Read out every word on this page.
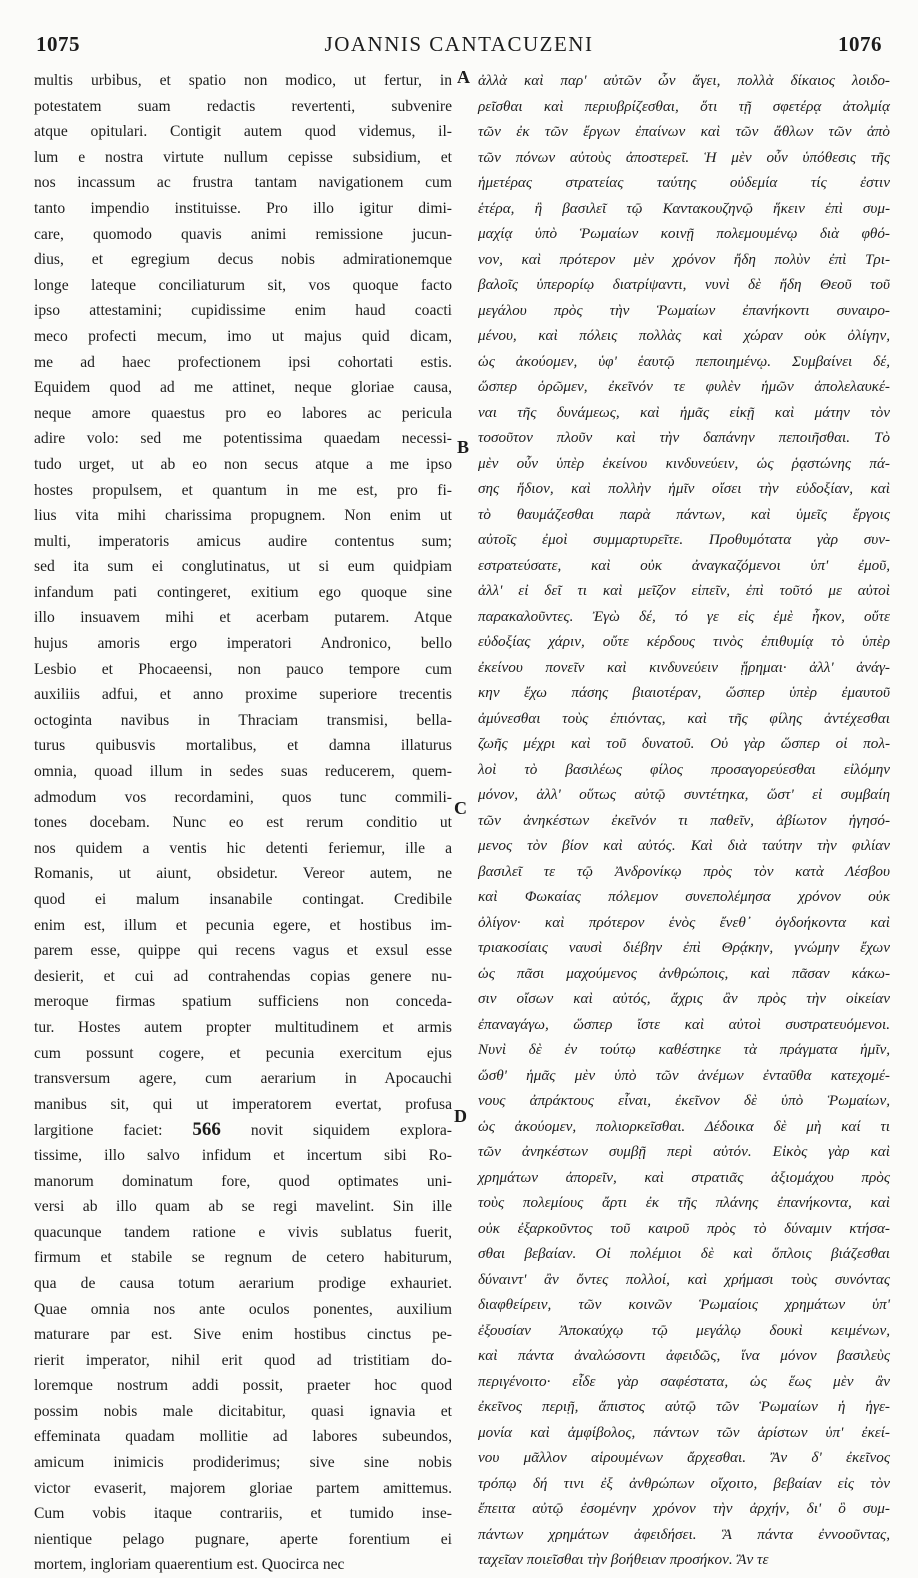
1075	JOANNIS CANTACUZENI	1076
multis urbibus, et spatio non modico, ut fertur, in
potestatem suam redactis revertenti, subvenire
atque opitulari. Contigit autem quod videmus, il-
lum e nostra virtute nullum cepisse subsidium, et
nos incassum ac frustra tantam navigationem cum
tanto impendio instituisse. Pro illo igitur dimi-
care, quomodo quavis animi remissione jucun-
dius, et egregium decus nobis admirationemque
longe lateque conciliaturum sit, vos quoque facto
ipso attestamini; cupidissime enim haud coacti
meco profecti mecum, imo ut majus quid dicam,
me ad haec profectionem ipsi cohortati estis.
Equidem quod ad me attinet, neque gloriae causa,
neque amore quaestus pro eo labores ac pericula
adire volo: sed me potentissima quaedam necessi-
tudo urget, ut ab eo non secus atque a me ipso
hostes propulsem, et quantum in me est, pro fi-
lius vita mihi charissima propugnem. Non enim ut
multi, imperatoris amicus audire contentus sum;
sed ita sum ei conglutinatus, ut si eum quidpiam
infandum pati contingeret, exitium ego quoque sine
illo insuavem mihi et acerbam putarem. Atque
hujus amoris ergo imperatori Andronico, bello
Lesbio et Phocaeensi, non pauco tempore cum
auxiliis adfui, et anno proxime superiore trecentis
octoginta navibus in Thraciam transmisi, bella-
turus quibusvis mortalibus, et damna illaturus
omnia, quoad illum in sedes suas reducerem, quem-
admodum vos recordamini, quos tunc commili-
tones docebam. Nunc eo est rerum conditio ut
nos quidem a ventis hic detenti feriemur, ille a
Romanis, ut aiunt, obsidetur. Vereor autem, ne
quod ei malum insanabile contingat. Credibile
enim est, illum et pecunia egere, et hostibus im-
parem esse, quippe qui recens vagus et exsul esse
desierit, et cui ad contrahendas copias genere nu-
meroque firmas spatium sufficiens non conceda-
tur. Hostes autem propter multitudinem et armis
cum possunt cogere, et pecunia exercitum ejus
transversum agere, cum aerarium in Apocauchi
manibus sit, qui ut imperatorem evertat, profusa
largitione faciet: 566 novit siquidem explora-
tissime, illo salvo infidum et incertum sibi Ro-
manorum dominatum fore, quod optimates uni-
versi ab illo quam ab se regi mavelint. Sin ille
quacunque tandem ratione e vivis sublatus fuerit,
firmum et stabile se regnum de cetero habiturum,
qua de causa totum aerarium prodige exhauriet.
Quae omnia nos ante oculos ponentes, auxilium
maturare par est. Sive enim hostibus cinctus pe-
rierit imperator, nihil erit quod ad tristitiam do-
loremque nostrum addi possit, praeter hoc quod
possim nobis male dicitabitur, quasi ignavia et
effeminata quadam mollitie ad labores subeundos,
amicum inimicis prodiderimus; sive sine nobis
victor evaserit, majorem gloriae partem amittemus.
Cum vobis itaque contrariis, et tumido inse-
nientique pelago pugnare, aperte forentium ei
mortem, ingloriam quaerentium est. Quocirca nec
A
B
C
D
ἀλλὰ καὶ παρ' αὐτῶν ὧν ἄγει, πολλὰ δίκαιος λοιδο-
ρεῖσθαι καὶ περιυβρίζεσθαι, ὅτι τῇ σφετέρᾳ ἀτολμίᾳ
τῶν ἐκ τῶν ἔργων ἐπαίνων καὶ τῶν ἄθλων τῶν ἀπὸ
τῶν πόνων αὐτοὺς ἀποστερεῖ. Ἡ μὲν οὖν ὑπόθεσις τῆς
ἡμετέρας στρατείας ταύτης οὐδεμία τίς ἐστιν
ἑτέρα, ἢ βασιλεῖ τῷ Καντακουζηνῷ ἥκειν ἐπὶ συμ-
μαχίᾳ ὑπὸ Ῥωμαίων κοινῇ πολεμουμένῳ διὰ φθό-
νον, καὶ πρότερον μὲν χρόνον ἤδη πολὺν ἐπὶ Τρι-
βαλοῖς ὑπερορίῳ διατρίψαντι, νυνὶ δὲ ἤδη Θεοῦ τοῦ
μεγάλου πρὸς τὴν Ῥωμαίων ἐπανήκοντι συναιρο-
μένου, καὶ πόλεις πολλὰς καὶ χώραν οὐκ ὀλίγην,
ὡς ἀκούομεν, ὑφ' ἑαυτῷ πεποιημένῳ. Συμβαίνει δέ,
ὥσπερ ὁρῶμεν, ἐκεῖνόν τε φυλὲν ἡμῶν ἀπολελαυκέ-
ναι τῆς δυνάμεως, καὶ ἡμᾶς εἰκῇ καὶ μάτην τὸν
τοσοῦτον πλοῦν καὶ τὴν δαπάνην πεποιῆσθαι. Τὸ
μὲν οὖν ὑπὲρ ἐκείνου κινδυνεύειν, ὡς ῥᾳστώνης πά-
σης ἥδιον, καὶ πολλὴν ἡμῖν οἴσει τὴν εὐδοξίαν, καὶ
τὸ θαυμάζεσθαι παρὰ πάντων, καὶ ὑμεῖς ἔργοις
αὐτοῖς ἐμοὶ συμμαρτυρεῖτε. Προθυμότατα γὰρ συν-
εστρατεύσατε, καὶ οὐκ ἀναγκαζόμενοι ὑπ' ἐμοῦ,
ἀλλ' εἰ δεῖ τι καὶ μεῖζον εἰπεῖν, ἐπὶ τοῦτό με αὐτοὶ
παρακαλοῦντες. Ἐγὼ δέ, τό γε εἰς ἐμὲ ἧκον, οὔτε
εὐδοξίας χάριν, οὔτε κέρδους τινὸς ἐπιθυμίᾳ τὸ ὑπὲρ
ἐκείνου πονεῖν καὶ κινδυνεύειν ᾕρημαι· ἀλλ' ἀνάγ-
κην ἔχω πάσης βιαιοτέραν, ὥσπερ ὑπὲρ ἐμαυτοῦ
ἀμύνεσθαι τοὺς ἐπιόντας, καὶ τῆς φίλης ἀντέχεσθαι
ζωῆς μέχρι καὶ τοῦ δυνατοῦ. Οὐ γὰρ ὥσπερ οἱ πολ-
λοὶ τὸ βασιλέως φίλος προσαγορεύεσθαι εἰλόμην
μόνον, ἀλλ' οὕτως αὐτῷ συντέτηκα, ὥστ' εἰ συμβαίη
τῶν ἀνηκέστων ἐκεῖνόν τι παθεῖν, ἀβίωτον ἡγησό-
μενος τὸν βίον καὶ αὐτός. Καὶ διὰ ταύτην τὴν φιλίαν
βασιλεῖ τε τῷ Ἀνδρονίκῳ πρὸς τὸν κατὰ Λέσβου
καὶ Φωκαίας πόλεμον συνεπολέμησα χρόνον οὐκ
ὀλίγον· καὶ πρότερον ἑνὸς ἔνεθ᾽ ὀγδοήκοντα καὶ
τριακοσίαις ναυσὶ διέβην ἐπὶ Θρᾴκην, γνώμην ἔχων
ὡς πᾶσι μαχούμενος ἀνθρώποις, καὶ πᾶσαν κάκω-
σιν οἴσων καὶ αὐτός, ἄχρις ἂν πρὸς τὴν οἰκείαν
ἐπαναγάγω, ὥσπερ ἴστε καὶ αὐτοὶ συστρατευόμενοι.
Νυνὶ δὲ ἐν τούτῳ καθέστηκε τὰ πράγματα ἡμῖν,
ὥσθ' ἡμᾶς μὲν ὑπὸ τῶν ἀνέμων ἐνταῦθα κατεχομέ-
νους ἀπράκτους εἶναι, ἐκεῖνον δὲ ὑπὸ Ῥωμαίων,
ὡς ἀκούομεν, πολιορκεῖσθαι. Δέδοικα δὲ μὴ καί τι
τῶν ἀνηκέστων συμβῇ περὶ αὐτόν. Εἰκὸς γὰρ καὶ
χρημάτων ἀπορεῖν, καὶ στρατιᾶς ἀξιομάχου πρὸς
τοὺς πολεμίους ἄρτι ἐκ τῆς πλάνης ἐπανήκοντα, καὶ
οὐκ ἐξαρκοῦντος τοῦ καιροῦ πρὸς τὸ δύναμιν κτήσα-
σθαι βεβαίαν. Οἱ πολέμιοι δὲ καὶ ὅπλοις βιάζεσθαι
δύναιντ' ἂν ὄντες πολλοί, καὶ χρήμασι τοὺς συνόντας
διαφθείρειν, τῶν κοινῶν Ῥωμαίοις χρημάτων ὑπ'
ἐξουσίαν Ἀποκαύχῳ τῷ μεγάλῳ δουκὶ κειμένων,
καὶ πάντα ἀναλώσοντι ἀφειδῶς, ἵνα μόνον βασιλεὺς
περιγένοιτο· εἶδε γὰρ σαφέστατα, ὡς ἕως μὲν ἂν
ἐκεῖνος περιῇ, ἄπιστος αὐτῷ τῶν Ῥωμαίων ἡ ἡγε-
μονία καὶ ἀμφίβολος, πάντων τῶν ἀρίστων ὑπ' ἐκεί-
νου μᾶλλον αἱρουμένων ἄρχεσθαι. Ἂν δ' ἐκεῖνος
τρόπῳ δή τινι ἐξ ἀνθρώπων οἴχοιτο, βεβαίαν εἰς τὸν
ἔπειτα αὐτῷ ἐσομένην χρόνον τὴν ἀρχήν, δι' ὃ συμ-
πάντων χρημάτων ἀφειδήσει. Ἃ πάντα ἐννοοῦντας,
ταχεῖαν ποιεῖσθαι τὴν βοήθειαν προσήκον. Ἂν τε
